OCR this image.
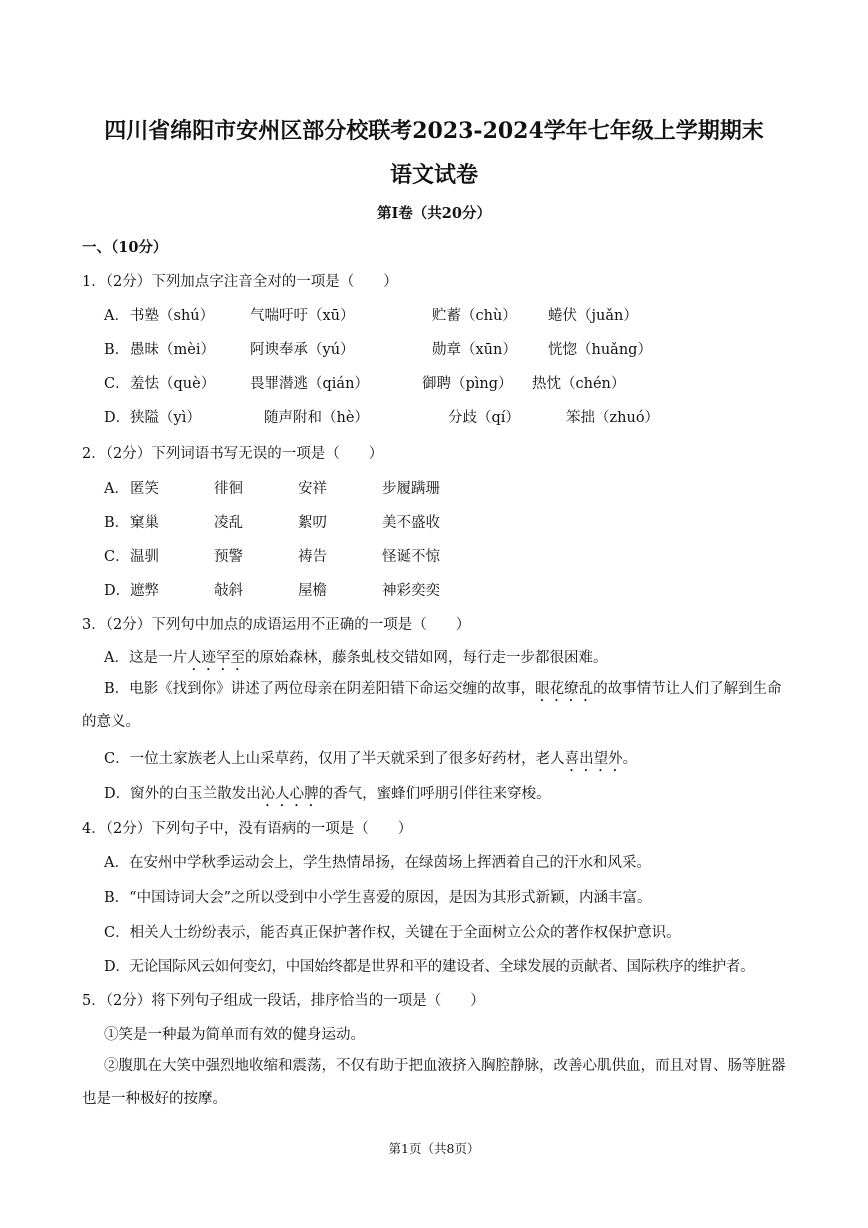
四川省绵阳市安州区部分校联考2023-2024学年七年级上学期期末
语文试卷
第Ⅰ卷（共20分）
一、（10分）
1．（2分）下列加点字注音全对的一项是（　　）
A． 书塾（shú） 气喘吁吁（xū）	贮蓄（chù） 蜷伏（juǎn）
B． 愚昧（mèi） 阿谀奉承（yú）	勋章（xūn） 恍惚（huǎng）
C． 羞怯（què） 畏罪潜逃（qián）	御聘（pìng） 热忱（chén）
D． 狭隘（yì）	随声附和（hè）	分歧（qí）	笨拙（zhuó）
2．（2分）下列词语书写无误的一项是（　　）
A． 匿笑	徘徊	安祥	步履蹒珊
B． 窠巢	凌乱	絮叨	美不盛收
C． 温驯	预警	祷告	怪诞不惊
D． 遮弊	敧斜	屋檐	神彩奕奕
3．（2分）下列句中加点的成语运用不正确的一项是（　　）
A．这是一片人迹罕至的原始森林，藤条虬枝交错如网，每行走一步都很困难。
B．电影《找到你》讲述了两位母亲在阴差阳错下命运交缠的故事，眼花缭乱的故事情节让人们了解到生命的意义。
C．一位土家族老人上山采草药，仅用了半天就采到了很多好药材，老人喜出望外。
D．窗外的白玉兰散发出沁人心脾的香气，蜜蜂们呼朋引伴往来穿梭。
4．（2分）下列句子中，没有语病的一项是（　　）
A．在安州中学秋季运动会上，学生热情昂扬，在绿茵场上挥洒着自己的汗水和风采。
B．“中国诗词大会”之所以受到中小学生喜爱的原因，是因为其形式新颖，内涵丰富。
C．相关人士纷纷表示，能否真正保护著作权，关键在于全面树立公众的著作权保护意识。
D．无论国际风云如何变幻，中国始终都是世界和平的建设者、全球发展的贡献者、国际秩序的维护者。
5．（2分）将下列句子组成一段话，排序恰当的一项是（　　）
①笑是一种最为简单而有效的健身运动。
②腹肌在大笑中强烈地收缩和震荡，不仅有助于把血液挤入胸腔静脉，改善心肌供血，而且对胃、肠等脏器也是一种极好的按摩。
第1页（共8页）
